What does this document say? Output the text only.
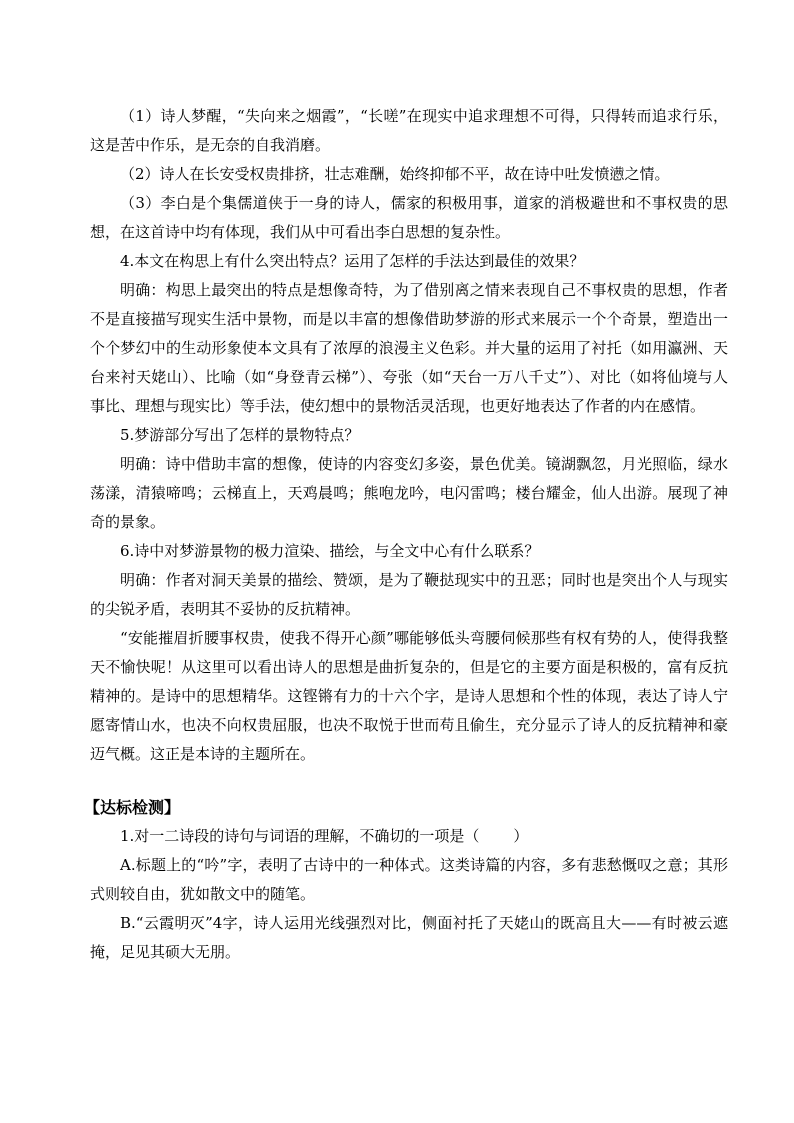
（1）诗人梦醒，“失向来之烟霞”，“长嗟”在现实中追求理想不可得，只得转而追求行乐，这是苦中作乐，是无奈的自我消磨。

（2）诗人在长安受权贵排挤，壮志难酬，始终抑郁不平，故在诗中吐发愤懑之情。

（3）李白是个集儒道侠于一身的诗人，儒家的积极用事，道家的消极避世和不事权贵的思想，在这首诗中均有体现，我们从中可看出李白思想的复杂性。

4.本文在构思上有什么突出特点？运用了怎样的手法达到最佳的效果？

明确：构思上最突出的特点是想像奇特，为了借别离之情来表现自己不事权贵的思想，作者不是直接描写现实生活中景物，而是以丰富的想像借助梦游的形式来展示一个个奇景，塑造出一个个梦幻中的生动形象使本文具有了浓厚的浪漫主义色彩。并大量的运用了衬托（如用瀛洲、天台来衬天姥山）、比喻（如“身登青云梯”）、夸张（如“天台一万八千丈”）、对比（如将仙境与人事比、理想与现实比）等手法，使幻想中的景物活灵活现，也更好地表达了作者的内在感情。

5.梦游部分写出了怎样的景物特点？

明确：诗中借助丰富的想像，使诗的内容变幻多姿，景色优美。镜湖飘忽，月光照临，绿水荡漾，清猿啼鸣；云梯直上，天鸡晨鸣；熊咆龙吟，电闪雷鸣；楼台耀金，仙人出游。展现了神奇的景象。

6.诗中对梦游景物的极力渲染、描绘，与全文中心有什么联系？

明确：作者对洞天美景的描绘、赞颂，是为了鞭挞现实中的丑恶；同时也是突出个人与现实的尖锐矛盾，表明其不妥协的反抗精神。

“安能摧眉折腰事权贵，使我不得开心颜”哪能够低头弯腰伺候那些有权有势的人，使得我整天不愉快呢！从这里可以看出诗人的思想是曲折复杂的，但是它的主要方面是积极的，富有反抗精神的。是诗中的思想精华。这铿锵有力的十六个字，是诗人思想和个性的体现，表达了诗人宁愿寄情山水，也决不向权贵屈服，也决不取悦于世而苟且偷生，充分显示了诗人的反抗精神和豪迈气概。这正是本诗的主题所在。

【达标检测】

1.对一二诗段的诗句与词语的理解，不确切的一项是（ ）

A.标题上的“吟”字，表明了古诗中的一种体式。这类诗篇的内容，多有悲愁慨叹之意；其形式则较自由，犹如散文中的随笔。

B.“云霞明灭”4字，诗人运用光线强烈对比，侧面衬托了天姥山的既高且大——有时被云遮掩，足见其硕大无朋。
